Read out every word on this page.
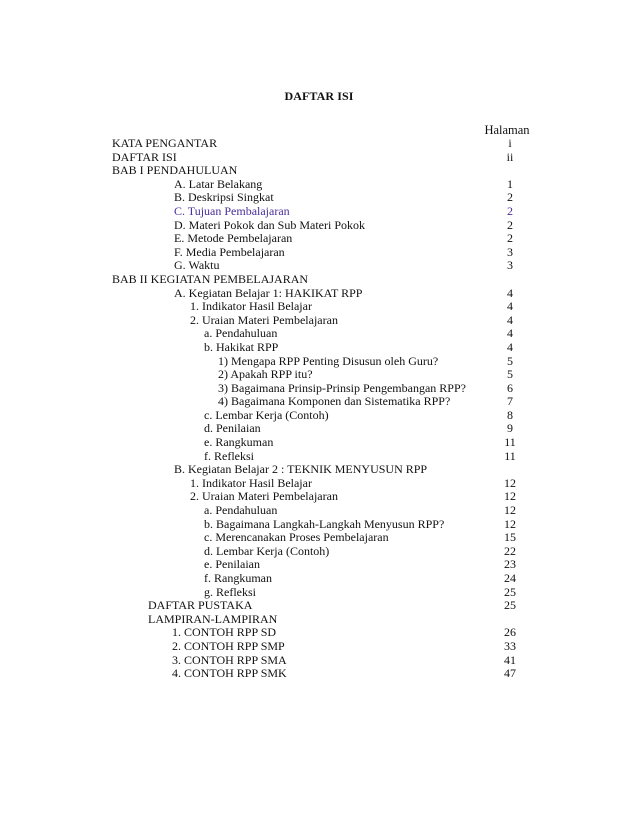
DAFTAR ISI
Halaman
KATA PENGANTAR	i
DAFTAR ISI	ii
BAB I PENDAHULUAN
A. Latar Belakang	1
B. Deskripsi Singkat	2
C. Tujuan Pembalajaran	2
D. Materi Pokok dan Sub Materi Pokok	2
E. Metode Pembelajaran	2
F. Media Pembelajaran	3
G. Waktu	3
BAB II KEGIATAN PEMBELAJARAN
A. Kegiatan Belajar 1: HAKIKAT RPP	4
1. Indikator Hasil Belajar	4
2. Uraian Materi Pembelajaran	4
a. Pendahuluan	4
b. Hakikat RPP	4
1) Mengapa RPP Penting Disusun oleh Guru?	5
2) Apakah RPP itu?	5
3) Bagaimana Prinsip-Prinsip Pengembangan RPP?	6
4) Bagaimana Komponen dan Sistematika RPP?	7
c. Lembar Kerja (Contoh)	8
d. Penilaian	9
e. Rangkuman	11
f. Refleksi	11
B. Kegiatan Belajar 2 : TEKNIK MENYUSUN RPP
1. Indikator Hasil Belajar	12
2. Uraian Materi Pembelajaran	12
a. Pendahuluan	12
b. Bagaimana Langkah-Langkah Menyusun RPP?	12
c. Merencanakan Proses Pembelajaran	15
d. Lembar Kerja (Contoh)	22
e. Penilaian	23
f. Rangkuman	24
g. Refleksi	25
DAFTAR PUSTAKA	25
LAMPIRAN-LAMPIRAN
1. CONTOH RPP SD	26
2. CONTOH RPP SMP	33
3. CONTOH RPP SMA	41
4. CONTOH RPP SMK	47
